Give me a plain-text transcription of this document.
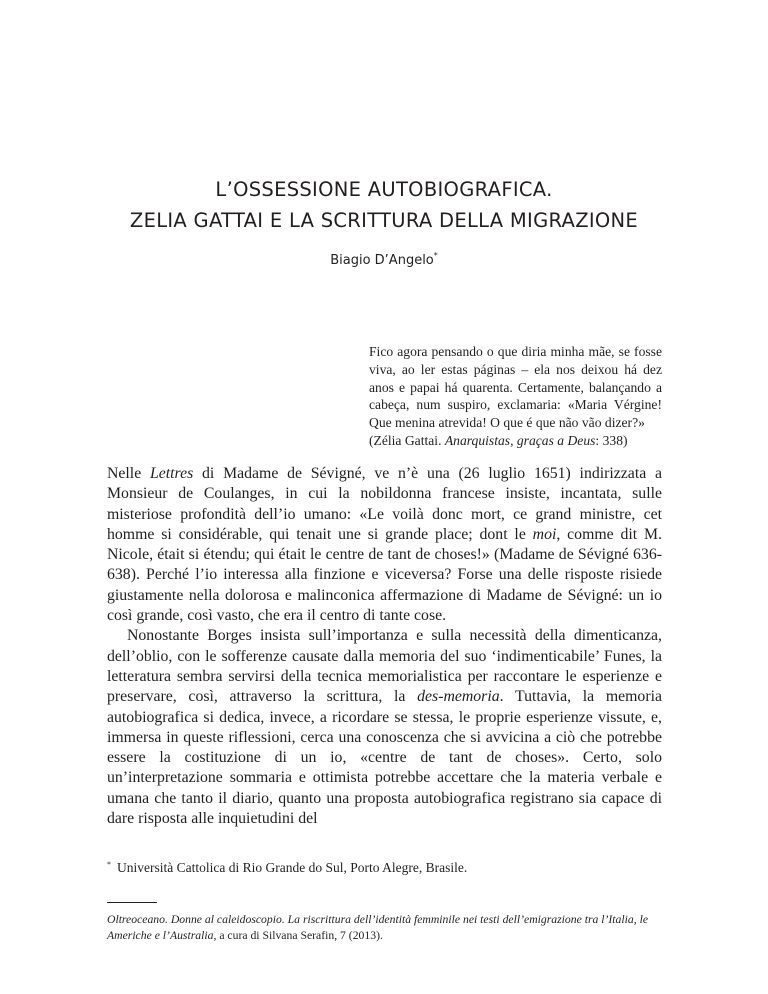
L’OSSESSIONE AUTOBIOGRAFICA.
ZELIA GATTAI E LA SCRITTURA DELLA MIGRAZIONE
Biagio D’Angelo*
Fico agora pensando o que diria minha mãe, se fosse viva, ao ler estas páginas – ela nos deixou há dez anos e papai há quarenta. Certamente, balançando a cabeça, num suspiro, exclamaria: «Maria Vérgine! Que menina atrevida! O que é que não vão dizer?»
(Zélia Gattai. Anarquistas, graças a Deus: 338)

Nelle Lettres di Madame de Sévigné, ve n’è una (26 luglio 1651) indirizzata a Monsieur de Coulanges, in cui la nobildonna francese insiste, incantata, sulle misteriose profondità dell’io umano: «Le voilà donc mort, ce grand ministre, cet homme si considérable, qui tenait une si grande place; dont le moi, comme dit M. Nicole, était si étendu; qui était le centre de tant de choses!» (Madame de Sévigné 636-638). Perché l’io interessa alla finzione e viceversa? Forse una delle risposte risiede giustamente nella dolorosa e malinconica affermazione di Madame de Sévigné: un io così grande, così vasto, che era il centro di tante cose.

Nonostante Borges insista sull’importanza e sulla necessità della dimenticanza, dell’oblio, con le sofferenze causate dalla memoria del suo ‘indimenticabile’ Funes, la letteratura sembra servirsi della tecnica memorialistica per raccontare le esperienze e preservare, così, attraverso la scrittura, la des-memoria. Tuttavia, la memoria autobiografica si dedica, invece, a ricordare se stessa, le proprie esperienze vissute, e, immersa in queste riflessioni, cerca una conoscenza che si avvicina a ciò che potrebbe essere la costituzione di un io, «centre de tant de choses». Certo, solo un’interpretazione sommaria e ottimista potrebbe accettare che la materia verbale e umana che tanto il diario, quanto una proposta autobiografica registrano sia capace di dare risposta alle inquietudini del

* Università Cattolica di Rio Grande do Sul, Porto Alegre, Brasile.
Oltreoceano. Donne al caleidoscopio. La riscrittura dell’identità femminile nei testi dell’emigrazione tra l’Italia, le Americhe e l’Australia, a cura di Silvana Serafin, 7 (2013).
